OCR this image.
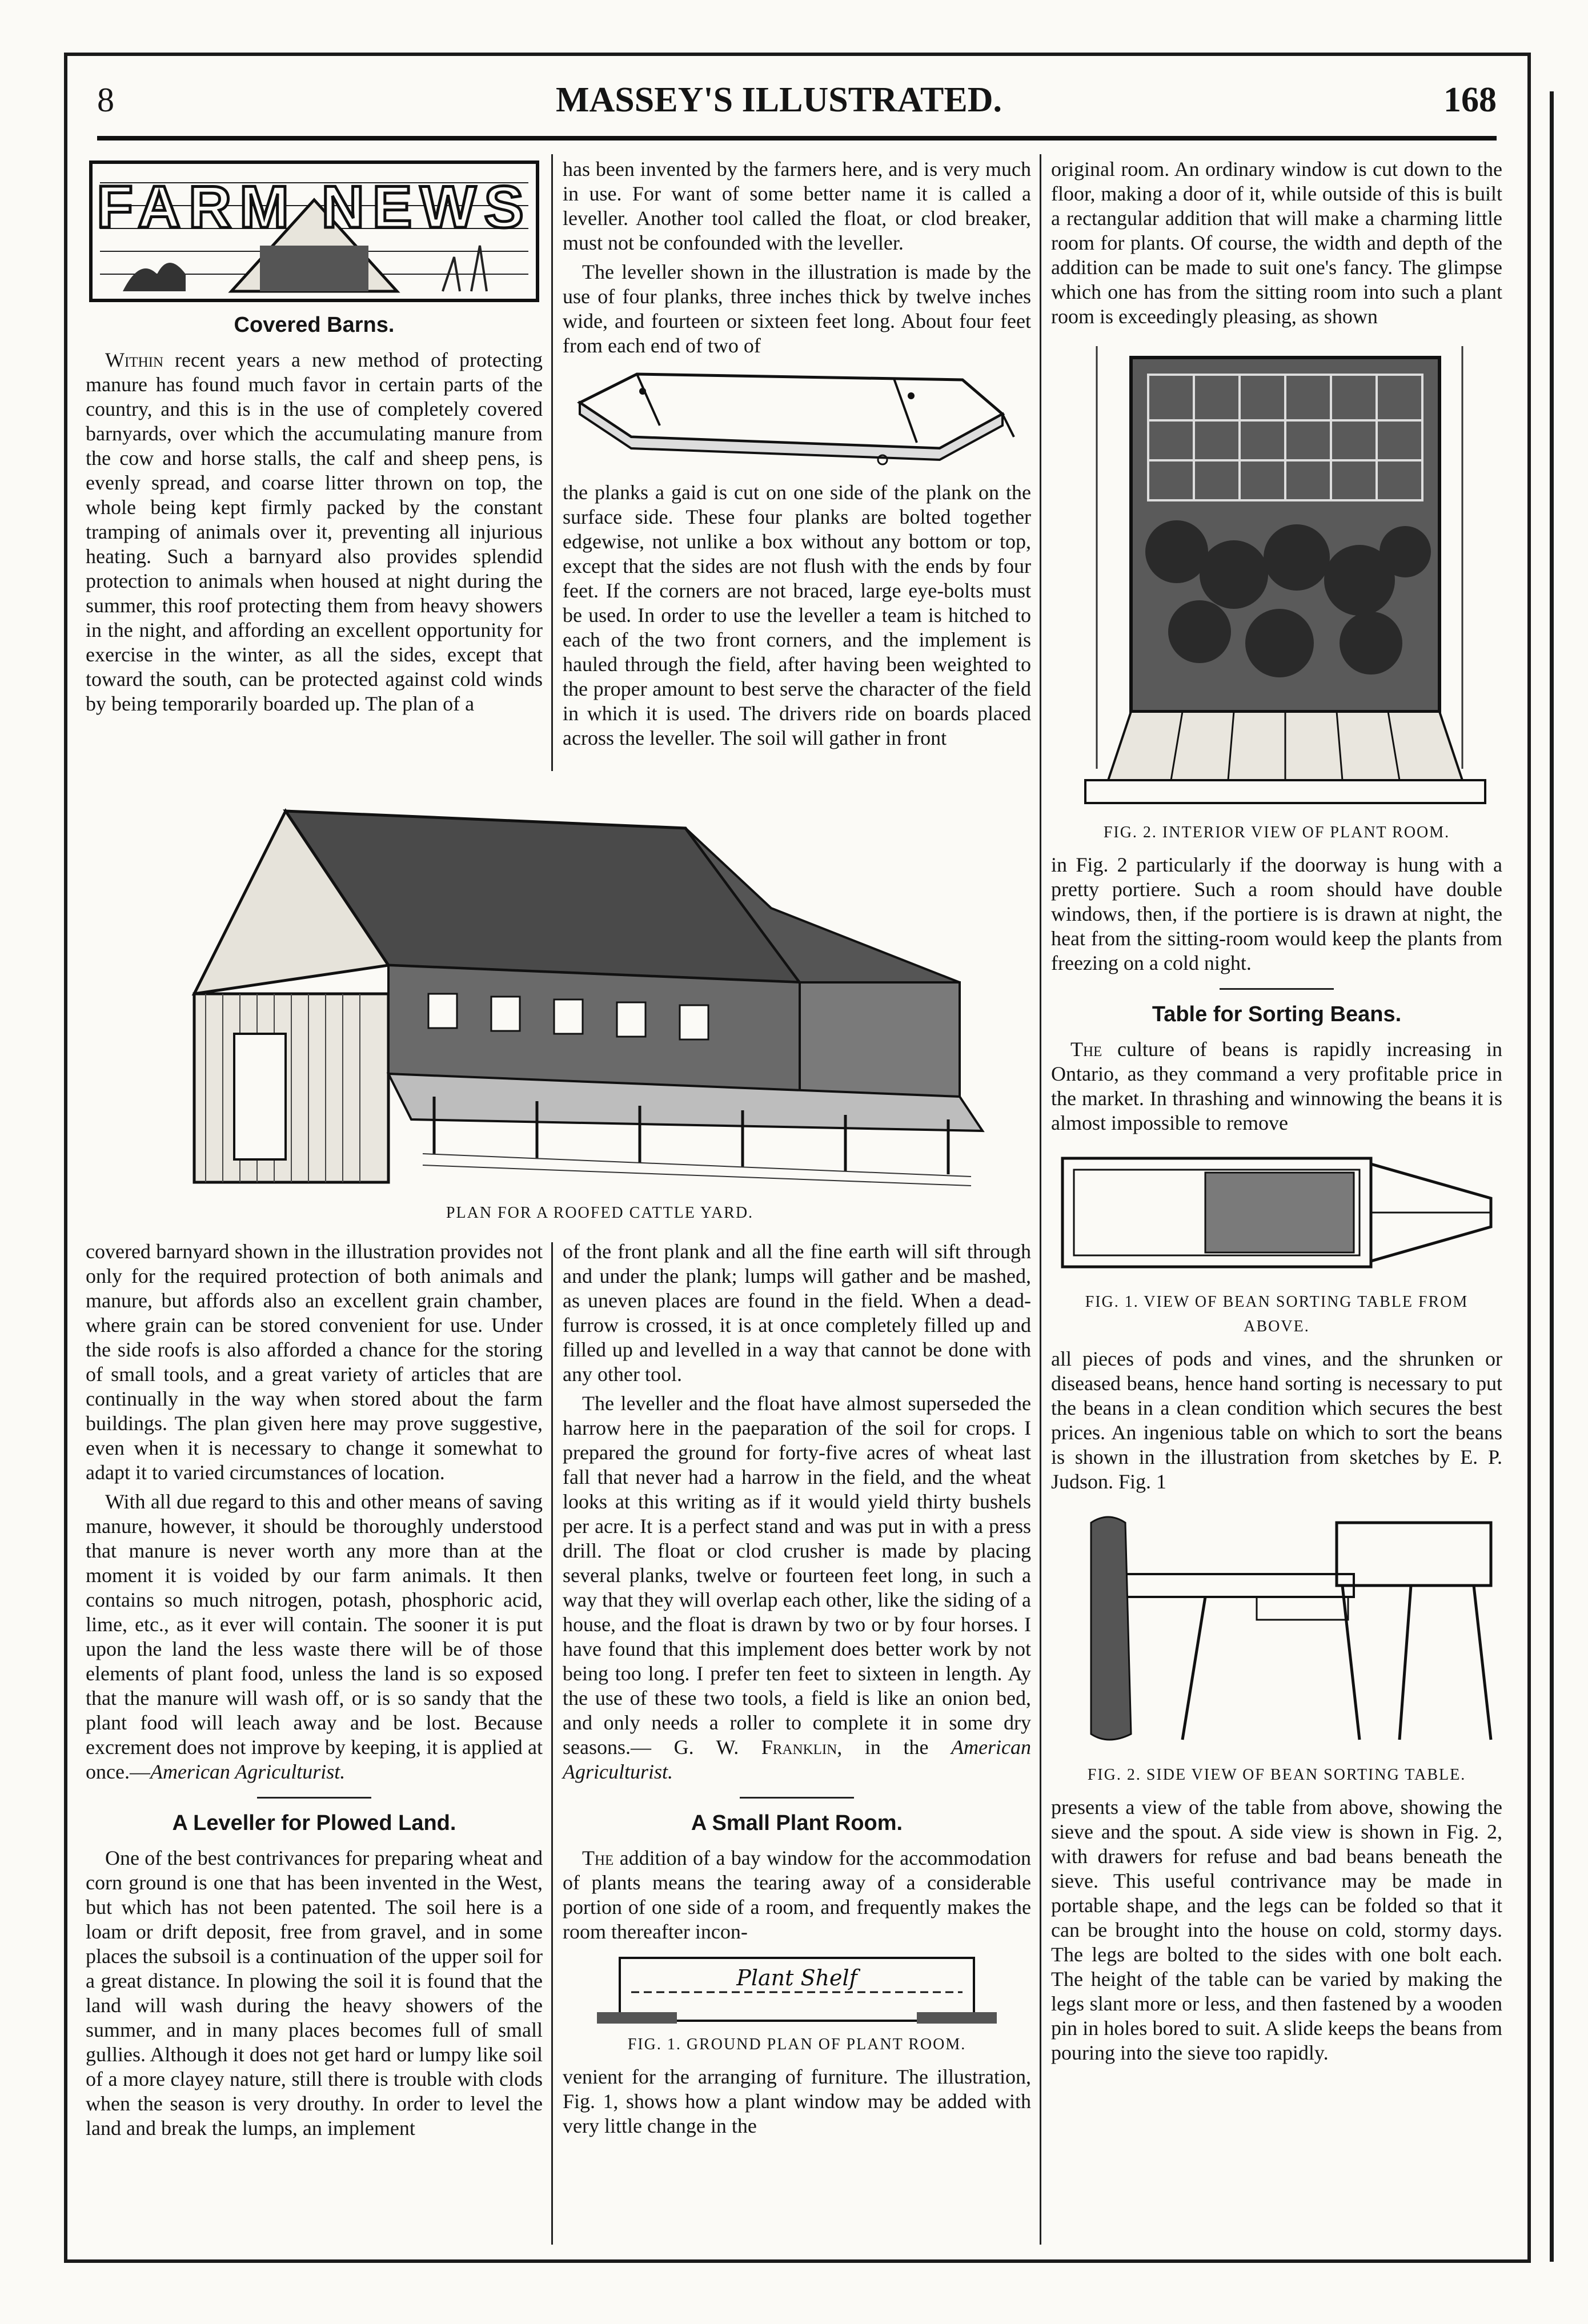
8	MASSEY'S ILLUSTRATED.	168
FARM NEWS
Covered Barns.

Within recent years a new method of protecting manure has found much favor in certain parts of the country, and this is in the use of completely covered barnyards, over which the accumulating manure from the cow and horse stalls, the calf and sheep pens, is evenly spread, and coarse litter thrown on top, the whole being kept firmly packed by the constant tramping of animals over it, preventing all injurious heating. Such a barnyard also provides splendid protection to animals when housed at night during the summer, this roof protecting them from heavy showers in the night, and affording an excellent opportunity for exercise in the winter, as all the sides, except that toward the south, can be protected against cold winds by being temporarily boarded up. The plan of a

has been invented by the farmers here, and is very much in use. For want of some better name it is called a leveller. Another tool called the float, or clod breaker, must not be confounded with the leveller.

The leveller shown in the illustration is made by the use of four planks, three inches thick by twelve inches wide, and fourteen or sixteen feet long. About four feet from each end of two of

the planks a gaid is cut on one side of the plank on the surface side. These four planks are bolted together edgewise, not unlike a box without any bottom or top, except that the sides are not flush with the ends by four feet. If the corners are not braced, large eye-bolts must be used. In order to use the leveller a team is hitched to each of the two front corners, and the implement is hauled through the field, after having been weighted to the proper amount to best serve the character of the field in which it is used. The drivers ride on boards placed across the leveller. The soil will gather in front

PLAN FOR A ROOFED CATTLE YARD.

covered barnyard shown in the illustration provides not only for the required protection of both animals and manure, but affords also an excellent grain chamber, where grain can be stored convenient for use. Under the side roofs is also afforded a chance for the storing of small tools, and a great variety of articles that are continually in the way when stored about the farm buildings. The plan given here may prove suggestive, even when it is necessary to change it somewhat to adapt it to varied circumstances of location.

With all due regard to this and other means of saving manure, however, it should be thoroughly understood that manure is never worth any more than at the moment it is voided by our farm animals. It then contains so much nitrogen, potash, phosphoric acid, lime, etc., as it ever will contain. The sooner it is put upon the land the less waste there will be of those elements of plant food, unless the land is so exposed that the manure will wash off, or is so sandy that the plant food will leach away and be lost. Because excrement does not improve by keeping, it is applied at once.—American Agriculturist.

A Leveller for Plowed Land.

One of the best contrivances for preparing wheat and corn ground is one that has been invented in the West, but which has not been patented. The soil here is a loam or drift deposit, free from gravel, and in some places the subsoil is a continuation of the upper soil for a great distance. In plowing the soil it is found that the land will wash during the heavy showers of the summer, and in many places becomes full of small gullies. Although it does not get hard or lumpy like soil of a more clayey nature, still there is trouble with clods when the season is very drouthy. In order to level the land and break the lumps, an implement

of the front plank and all the fine earth will sift through and under the plank; lumps will gather and be mashed, as uneven places are found in the field. When a dead-furrow is crossed, it is at once completely filled up and filled up and levelled in a way that cannot be done with any other tool.

The leveller and the float have almost superseded the harrow here in the paeparation of the soil for crops. I prepared the ground for forty-five acres of wheat last fall that never had a harrow in the field, and the wheat looks at this writing as if it would yield thirty bushels per acre. It is a perfect stand and was put in with a press drill. The float or clod crusher is made by placing several planks, twelve or fourteen feet long, in such a way that they will overlap each other, like the siding of a house, and the float is drawn by two or by four horses. I have found that this implement does better work by not being too long. I prefer ten feet to sixteen in length. Ay the use of these two tools, a field is like an onion bed, and only needs a roller to complete it in some dry seasons.— G. W. Franklin, in the American Agriculturist.

A Small Plant Room.

The addition of a bay window for the accommodation of plants means the tearing away of a considerable portion of one side of a room, and frequently makes the room thereafter incon-

Plant Shelf
FIG. 1. GROUND PLAN OF PLANT ROOM.

venient for the arranging of furniture. The illustration, Fig. 1, shows how a plant window may be added with very little change in the

original room. An ordinary window is cut down to the floor, making a door of it, while outside of this is built a rectangular addition that will make a charming little room for plants. Of course, the width and depth of the addition can be made to suit one's fancy. The glimpse which one has from the sitting room into such a plant room is exceedingly pleasing, as shown

FIG. 2. INTERIOR VIEW OF PLANT ROOM.

in Fig. 2 particularly if the doorway is hung with a pretty portiere. Such a room should have double windows, then, if the portiere is is drawn at night, the heat from the sitting-room would keep the plants from freezing on a cold night.

Table for Sorting Beans.

The culture of beans is rapidly increasing in Ontario, as they command a very profitable price in the market. In thrashing and winnowing the beans it is almost impossible to remove

FIG. 1. VIEW OF BEAN SORTING TABLE FROM ABOVE.

all pieces of pods and vines, and the shrunken or diseased beans, hence hand sorting is necessary to put the beans in a clean condition which secures the best prices. An ingenious table on which to sort the beans is shown in the illustration from sketches by E. P. Judson. Fig. 1

FIG. 2. SIDE VIEW OF BEAN SORTING TABLE.

presents a view of the table from above, showing the sieve and the spout. A side view is shown in Fig. 2, with drawers for refuse and bad beans beneath the sieve. This useful contrivance may be made in portable shape, and the legs can be folded so that it can be brought into the house on cold, stormy days. The legs are bolted to the sides with one bolt each. The height of the table can be varied by making the legs slant more or less, and then fastened by a wooden pin in holes bored to suit. A slide keeps the beans from pouring into the sieve too rapidly.
